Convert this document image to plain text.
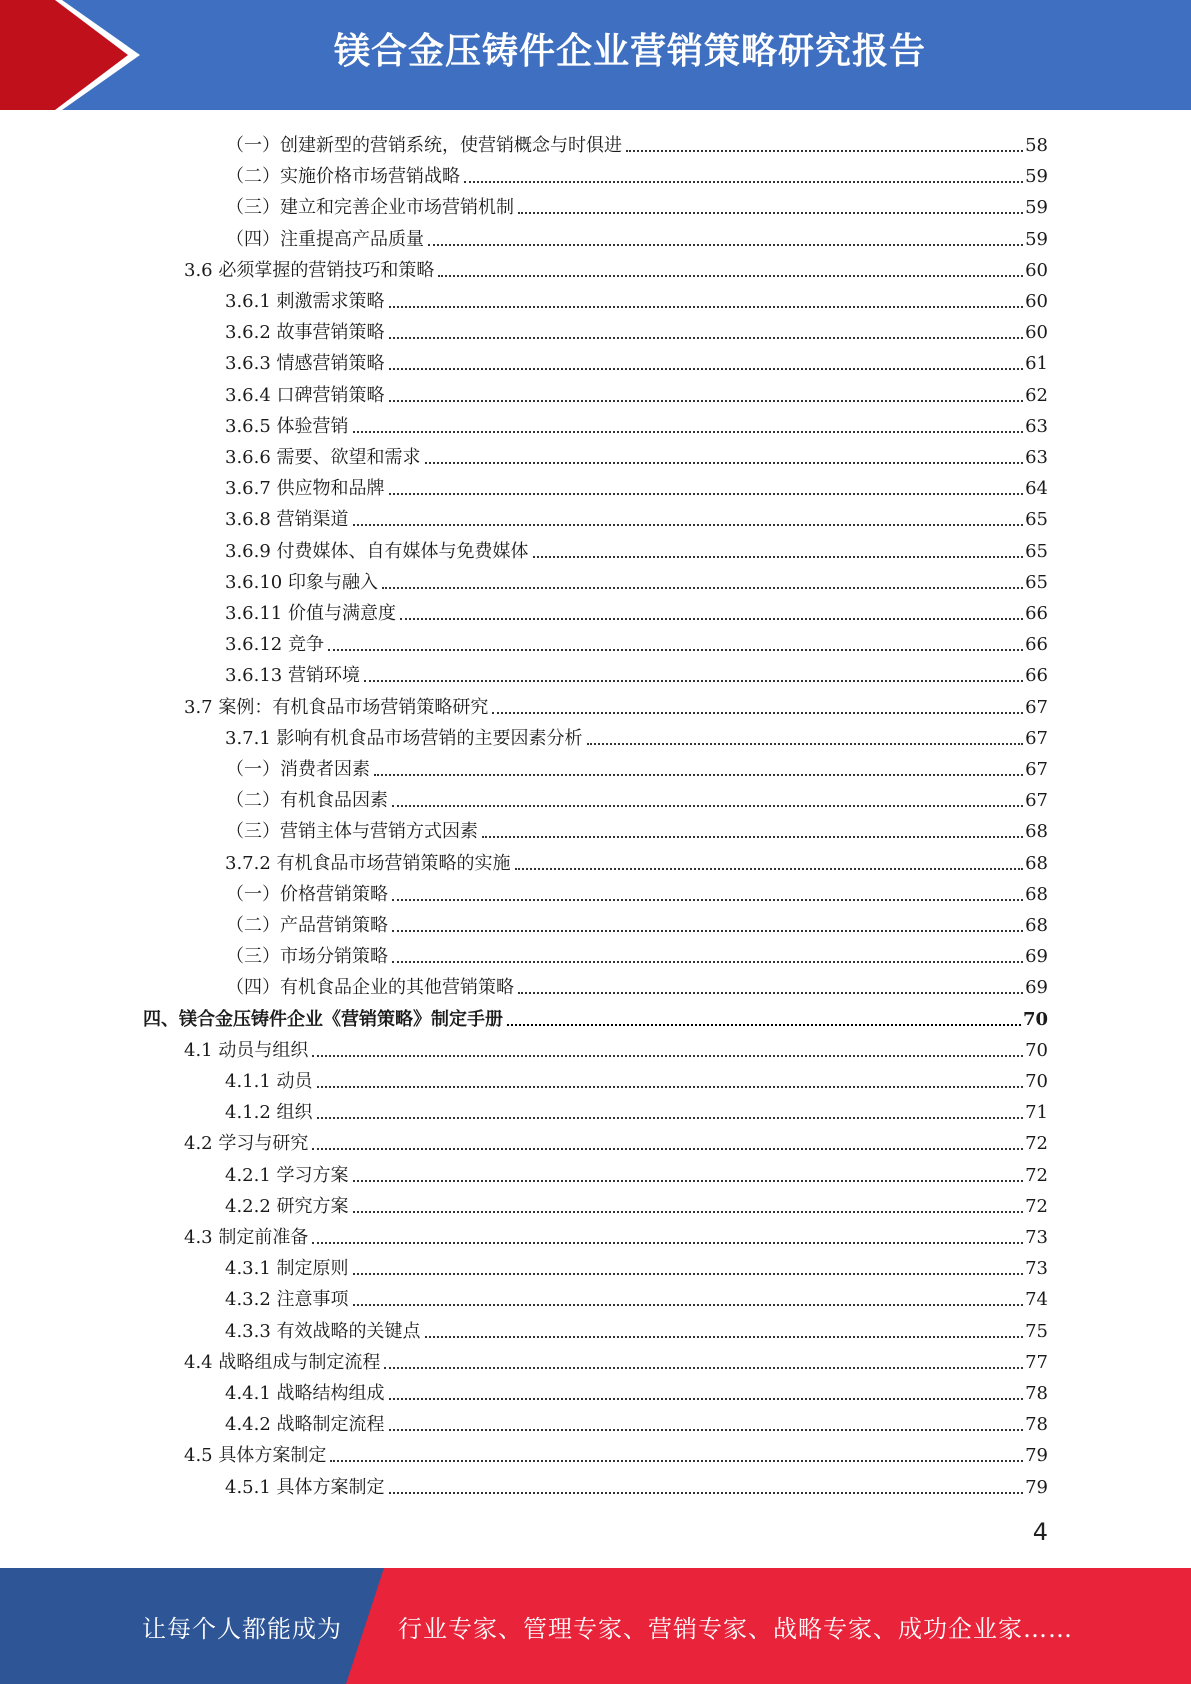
镁合金压铸件企业营销策略研究报告
（一）创建新型的营销系统，使营销概念与时俱进	58
（二）实施价格市场营销战略	59
（三）建立和完善企业市场营销机制	59
（四）注重提高产品质量	59
3.6 必须掌握的营销技巧和策略	60
3.6.1 刺激需求策略	60
3.6.2 故事营销策略	60
3.6.3 情感营销策略	61
3.6.4 口碑营销策略	62
3.6.5 体验营销	63
3.6.6 需要、欲望和需求	63
3.6.7 供应物和品牌	64
3.6.8 营销渠道	65
3.6.9 付费媒体、自有媒体与免费媒体	65
3.6.10 印象与融入	65
3.6.11 价值与满意度	66
3.6.12 竞争	66
3.6.13 营销环境	66
3.7 案例：有机食品市场营销策略研究	67
3.7.1 影响有机食品市场营销的主要因素分析	67
（一）消费者因素	67
（二）有机食品因素	67
（三）营销主体与营销方式因素	68
3.7.2 有机食品市场营销策略的实施	68
（一）价格营销策略	68
（二）产品营销策略	68
（三）市场分销策略	69
（四）有机食品企业的其他营销策略	69
四、镁合金压铸件企业《营销策略》制定手册	70
4.1 动员与组织	70
4.1.1 动员	70
4.1.2 组织	71
4.2 学习与研究	72
4.2.1 学习方案	72
4.2.2 研究方案	72
4.3 制定前准备	73
4.3.1 制定原则	73
4.3.2 注意事项	74
4.3.3 有效战略的关键点	75
4.4 战略组成与制定流程	77
4.4.1 战略结构组成	78
4.4.2 战略制定流程	78
4.5 具体方案制定	79
4.5.1 具体方案制定	79
4
让每个人都能成为 行业专家、管理专家、营销专家、战略专家、成功企业家……
